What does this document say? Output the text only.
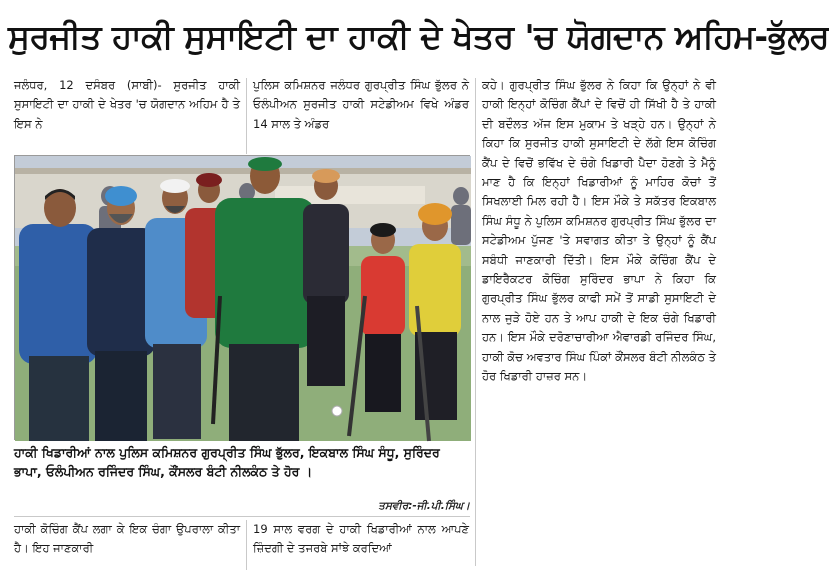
ਸੁਰਜੀਤ ਹਾਕੀ ਸੁਸਾਇਟੀ ਦਾ ਹਾਕੀ ਦੇ ਖੇਤਰ 'ਚ ਯੋਗਦਾਨ ਅਹਿਮ-ਭੁੱਲਰ

ਜਲੰਧਰ, 12 ਦਸੰਬਰ (ਸਾਬੀ)- ਸੁਰਜੀਤ ਹਾਕੀ ਸੁਸਾਇਟੀ ਦਾ ਹਾਕੀ ਦੇ ਖੇਤਰ 'ਚ ਯੋਗਦਾਨ ਅਹਿਮ ਹੈ ਤੇ ਇਸ ਨੇ

ਪੁਲਿਸ ਕਮਿਸ਼ਨਰ ਜਲੰਧਰ ਗੁਰਪ੍ਰੀਤ ਸਿੰਘ ਭੁੱਲਰ ਨੇ ਓਲੰਪੀਅਨ ਸੁਰਜੀਤ ਹਾਕੀ ਸਟੇਡੀਅਮ ਵਿਖੇ ਅੰਡਰ 14 ਸਾਲ ਤੇ ਅੰਡਰ

ਕਹੇ। ਗੁਰਪ੍ਰੀਤ ਸਿੰਘ ਭੁੱਲਰ ਨੇ ਕਿਹਾ ਕਿ ਉਨ੍ਹਾਂ ਨੇ ਵੀ ਹਾਕੀ ਇਨ੍ਹਾਂ ਕੋਚਿੰਗ ਕੈਂਪਾਂ ਦੇ ਵਿਚੋਂ ਹੀ ਸਿੱਖੀ ਹੈ ਤੇ ਹਾਕੀ ਦੀ ਬਦੌਲਤ ਅੱਜ ਇਸ ਮੁਕਾਮ ਤੇ ਖੜ੍ਹੇ ਹਨ। ਉਨ੍ਹਾਂ ਨੇ ਕਿਹਾ ਕਿ ਸੁਰਜੀਤ ਹਾਕੀ ਸੁਸਾਇਟੀ ਦੇ ਲੱਗੇ ਇਸ ਕੋਚਿੰਗ ਕੈਂਪ ਦੇ ਵਿਚੋਂ ਭਵਿੱਖ ਦੇ ਚੰਗੇ ਖਿਡਾਰੀ ਪੈਦਾ ਹੋਣਗੇ ਤੇ ਮੈਨੂੰ ਮਾਣ ਹੈ ਕਿ ਇਨ੍ਹਾਂ ਖਿਡਾਰੀਆਂ ਨੂੰ ਮਾਹਿਰ ਕੋਚਾਂ ਤੋਂ ਸਿਖਲਾਈ ਮਿਲ ਰਹੀ ਹੈ। ਇਸ ਮੌਕੇ ਤੇ ਸਕੱਤਰ ਇਕਬਾਲ ਸਿੰਘ ਸੰਧੂ ਨੇ ਪੁਲਿਸ ਕਮਿਸ਼ਨਰ ਗੁਰਪ੍ਰੀਤ ਸਿੰਘ ਭੁੱਲਰ ਦਾ ਸਟੇਡੀਅਮ ਪੁੱਜਣ 'ਤੇ ਸਵਾਗਤ ਕੀਤਾ ਤੇ ਉਨ੍ਹਾਂ ਨੂੰ ਕੈਂਪ ਸਬੰਧੀ ਜਾਣਕਾਰੀ ਦਿੱਤੀ। ਇਸ ਮੌਕੇ ਕੋਚਿੰਗ ਕੈਂਪ ਦੇ ਡਾਇਰੈਕਟਰ ਕੋਚਿੰਗ ਸੁਰਿੰਦਰ ਭਾਪਾ ਨੇ ਕਿਹਾ ਕਿ ਗੁਰਪ੍ਰੀਤ ਸਿੰਘ ਭੁੱਲਰ ਕਾਫੀ ਸਮੇਂ ਤੋਂ ਸਾਡੀ ਸੁਸਾਇਟੀ ਦੇ ਨਾਲ ਜੁੜੇ ਹੋਏ ਹਨ ਤੇ ਆਪ ਹਾਕੀ ਦੇ ਇਕ ਚੰਗੇ ਖਿਡਾਰੀ ਹਨ। ਇਸ ਮੌਕੇ ਦਰੋਣਾਚਾਰੀਆ ਐਵਾਰਡੀ ਰਜਿੰਦਰ ਸਿੰਘ, ਹਾਕੀ ਕੋਚ ਅਵਤਾਰ ਸਿੰਘ ਪਿੰਕਾਂ ਕੌਂਸਲਰ ਬੰਟੀ ਨੀਲਕੰਠ ਤੇ ਹੋਰ ਖਿਡਾਰੀ ਹਾਜ਼ਰ ਸਨ।

ਹਾਕੀ ਖਿਡਾਰੀਆਂ ਨਾਲ ਪੁਲਿਸ ਕਮਿਸ਼ਨਰ ਗੁਰਪ੍ਰੀਤ ਸਿੰਘ ਭੁੱਲਰ, ਇਕਬਾਲ ਸਿੰਘ ਸੰਧੂ, ਸੁਰਿੰਦਰ ਭਾਪਾ, ਓਲੰਪੀਅਨ ਰਜਿੰਦਰ ਸਿੰਘ, ਕੌਂਸਲਰ ਬੰਟੀ ਨੀਲਕੰਠ ਤੇ ਹੋਰ ।
ਤਸਵੀਰ:-ਜੀ.ਪੀ.ਸਿੰਘ।

ਹਾਕੀ ਕੋਚਿੰਗ ਕੈਂਪ ਲਗਾ ਕੇ ਇਕ ਚੰਗਾ ਉਪਰਾਲਾ ਕੀਤਾ ਹੈ। ਇਹ ਜਾਣਕਾਰੀ

19 ਸਾਲ ਵਰਗ ਦੇ ਹਾਕੀ ਖਿਡਾਰੀਆਂ ਨਾਲ ਆਪਣੇ ਜ਼ਿੰਦਗੀ ਦੇ ਤਜਰਬੇ ਸਾਂਝੇ ਕਰਦਿਆਂ
